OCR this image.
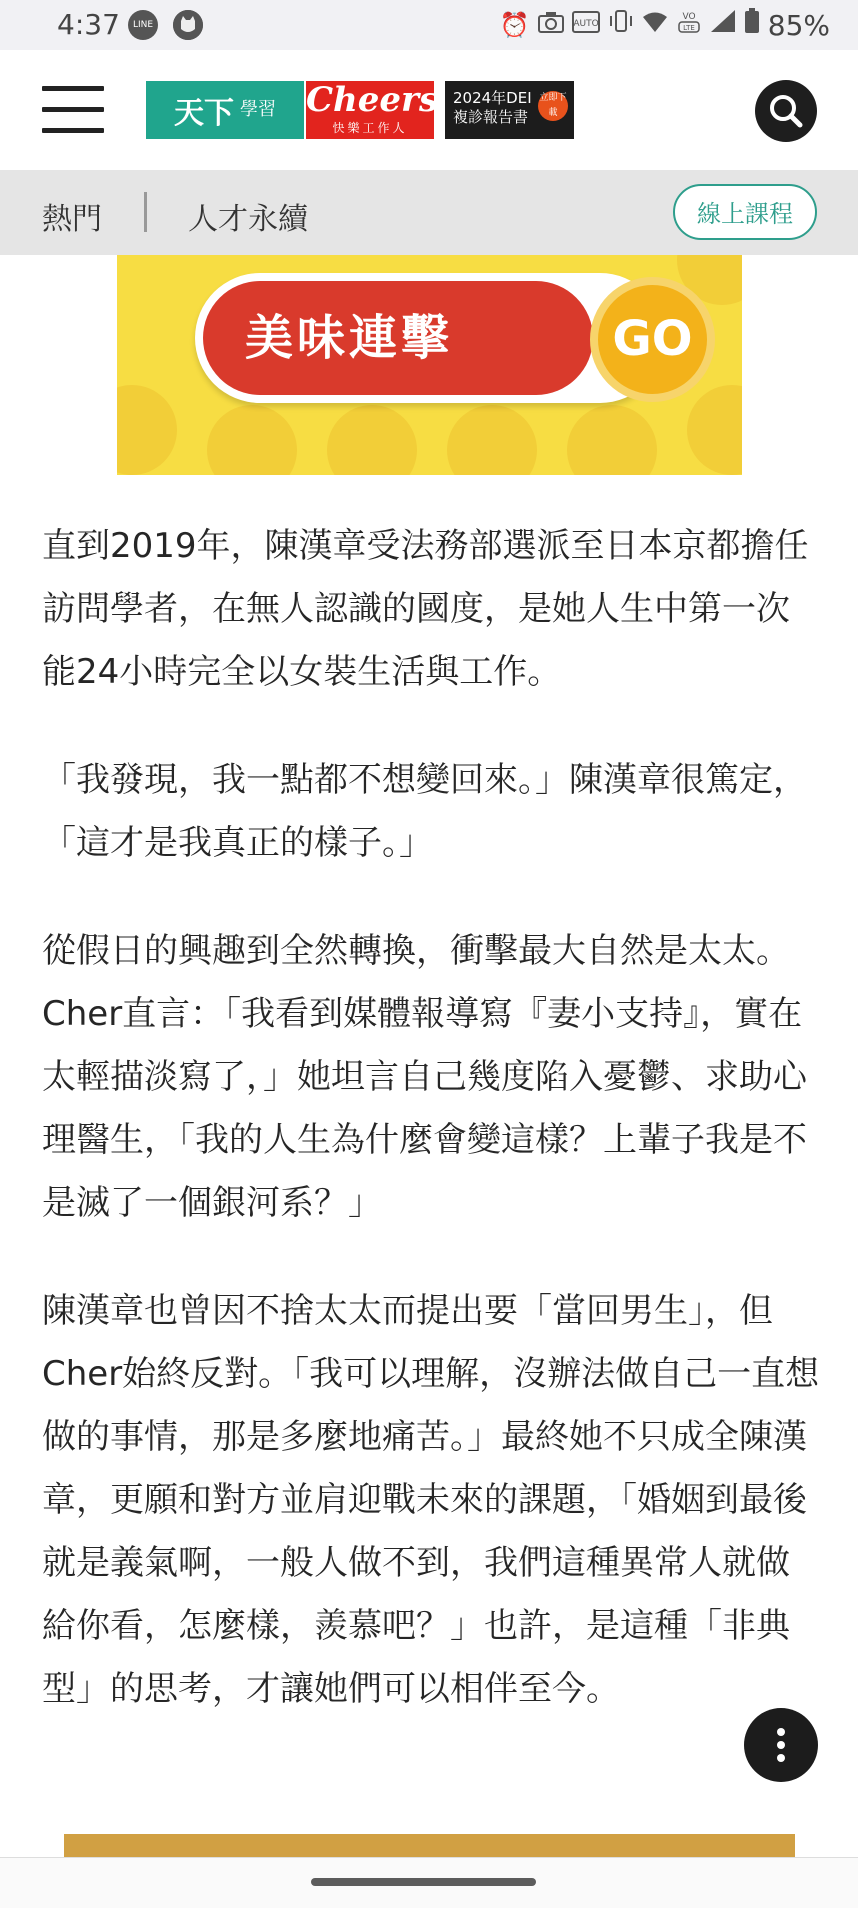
4:37	LINE	⏰	AUTO
VO
LTE	85%
天下 學習 Cheers
快樂工作人
2024年DEI
複診報告書
立即下載
熱門	人才永續	線上課程
美味連擊	GO

直到2019年，陳漢章受法務部選派至日本京都擔任訪問學者，在無人認識的國度，是她人生中第一次能24小時完全以女裝生活與工作。

「我發現，我一點都不想變回來。」陳漢章很篤定，「這才是我真正的樣子。」

從假日的興趣到全然轉換，衝擊最大自然是太太。Cher直言：「我看到媒體報導寫『妻小支持』，實在太輕描淡寫了，」她坦言自己幾度陷入憂鬱、求助心理醫生，「我的人生為什麼會變這樣？上輩子我是不是滅了一個銀河系？」

陳漢章也曾因不捨太太而提出要「當回男生」，但Cher始終反對。「我可以理解，沒辦法做自己一直想做的事情，那是多麼地痛苦。」最終她不只成全陳漢章，更願和對方並肩迎戰未來的課題，「婚姻到最後就是義氣啊，一般人做不到，我們這種異常人就做給你看，怎麼樣，羨慕吧？」也許，是這種「非典型」的思考，才讓她們可以相伴至今。
